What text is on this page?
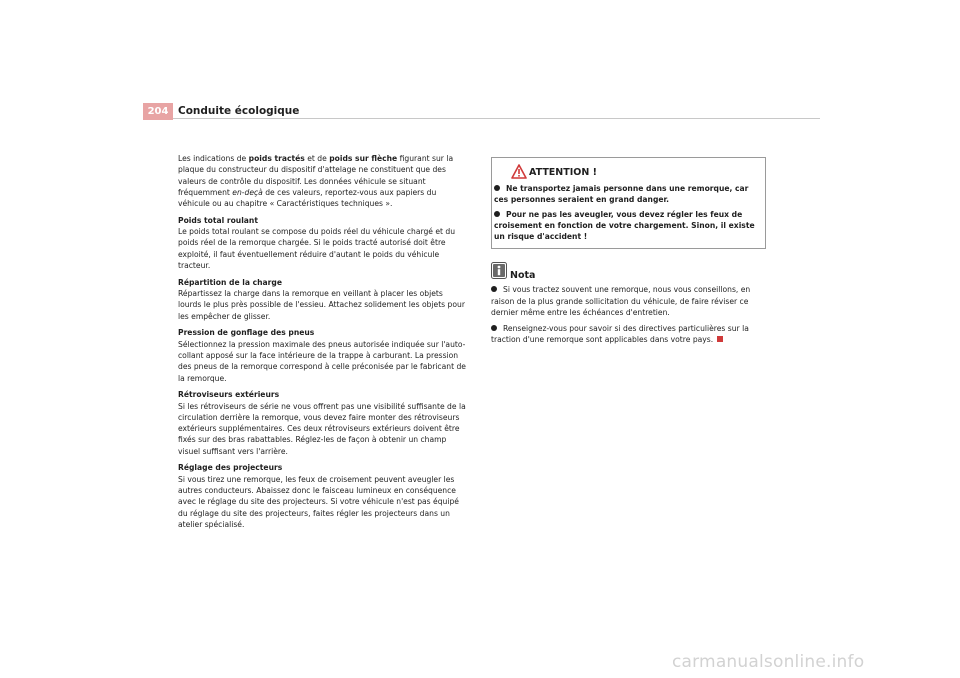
204 Conduite écologique

Les indications de poids tractés et de poids sur flèche figurant sur la plaque du constructeur du dispositif d'attelage ne constituent que des valeurs de contrôle du dispositif. Les données véhicule se situant fréquemment en-deçà de ces valeurs, reportez-vous aux papiers du véhicule ou au chapitre « Caractéristiques techniques ».

Poids total roulant

Le poids total roulant se compose du poids réel du véhicule chargé et du poids réel de la remorque chargée. Si le poids tracté autorisé doit être exploité, il faut éventuellement réduire d'autant le poids du véhicule tracteur.

Répartition de la charge

Répartissez la charge dans la remorque en veillant à placer les objets lourds le plus près possible de l'essieu. Attachez solidement les objets pour les empêcher de glisser.

Pression de gonflage des pneus

Sélectionnez la pression maximale des pneus autorisée indiquée sur l'auto-collant apposé sur la face intérieure de la trappe à carburant. La pression des pneus de la remorque correspond à celle préconisée par le fabricant de la remorque.

Rétroviseurs extérieurs

Si les rétroviseurs de série ne vous offrent pas une visibilité suffisante de la circulation derrière la remorque, vous devez faire monter des rétroviseurs extérieurs supplémentaires. Ces deux rétroviseurs extérieurs doivent être fixés sur des bras rabattables. Réglez-les de façon à obtenir un champ visuel suffisant vers l'arrière.

Réglage des projecteurs

Si vous tirez une remorque, les feux de croisement peuvent aveugler les autres conducteurs. Abaissez donc le faisceau lumineux en conséquence avec le réglage du site des projecteurs. Si votre véhicule n'est pas équipé du réglage du site des projecteurs, faites régler les projecteurs dans un atelier spécialisé.

ATTENTION !

Ne transportez jamais personne dans une remorque, car ces personnes seraient en grand danger.

Pour ne pas les aveugler, vous devez régler les feux de croisement en fonction de votre chargement. Sinon, il existe un risque d'accident !

Nota

Si vous tractez souvent une remorque, nous vous conseillons, en raison de la plus grande sollicitation du véhicule, de faire réviser ce dernier même entre les échéances d'entretien.

Renseignez-vous pour savoir si des directives particulières sur la traction d'une remorque sont applicables dans votre pays.

carmanualsonline.info
